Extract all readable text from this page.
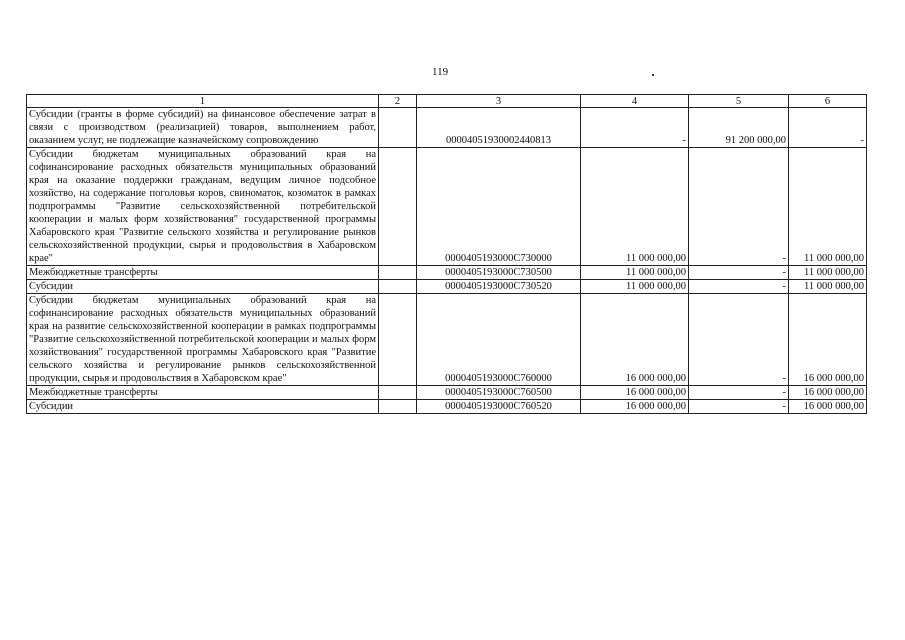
119
1	2	3	4	5	6
Субсидии (гранты в форме субсидий) на финансовое обеспечение затрат в связи с производством (реализацией) товаров, выполнением работ, оказанием услуг, не подлежащие казначейскому сопровождению		00004051930002440813	-	91 200 000,00	-
Субсидии бюджетам муниципальных образований края на софинансирование расходных обязательств муниципальных образований края на оказание поддержки гражданам, ведущим личное подсобное хозяйство, на содержание поголовья коров, свиноматок, козоматок в рамках подпрограммы "Развитие сельскохозяйственной потребительской кооперации и малых форм хозяйствования" государственной программы Хабаровского края "Развитие сельского хозяйства и регулирование рынков сельскохозяйственной продукции, сырья и продовольствия в Хабаровском крае"		0000405193000C730000	11 000 000,00	-	11 000 000,00
Межбюджетные трансферты		0000405193000C730500	11 000 000,00	-	11 000 000,00
Субсидии		0000405193000C730520	11 000 000,00	-	11 000 000,00
Субсидии бюджетам муниципальных образований края на софинансирование расходных обязательств муниципальных образований края на развитие сельскохозяйственной кооперации в рамках подпрограммы "Развитие сельскохозяйственной потребительской кооперации и малых форм хозяйствования" государственной программы Хабаровского края "Развитие сельского хозяйства и регулирование рынков сельскохозяйственной продукции, сырья и продовольствия в Хабаровском крае"		0000405193000C760000	16 000 000,00	-	16 000 000,00
Межбюджетные трансферты		0000405193000C760500	16 000 000,00	-	16 000 000,00
Субсидии		0000405193000C760520	16 000 000,00	-	16 000 000,00
